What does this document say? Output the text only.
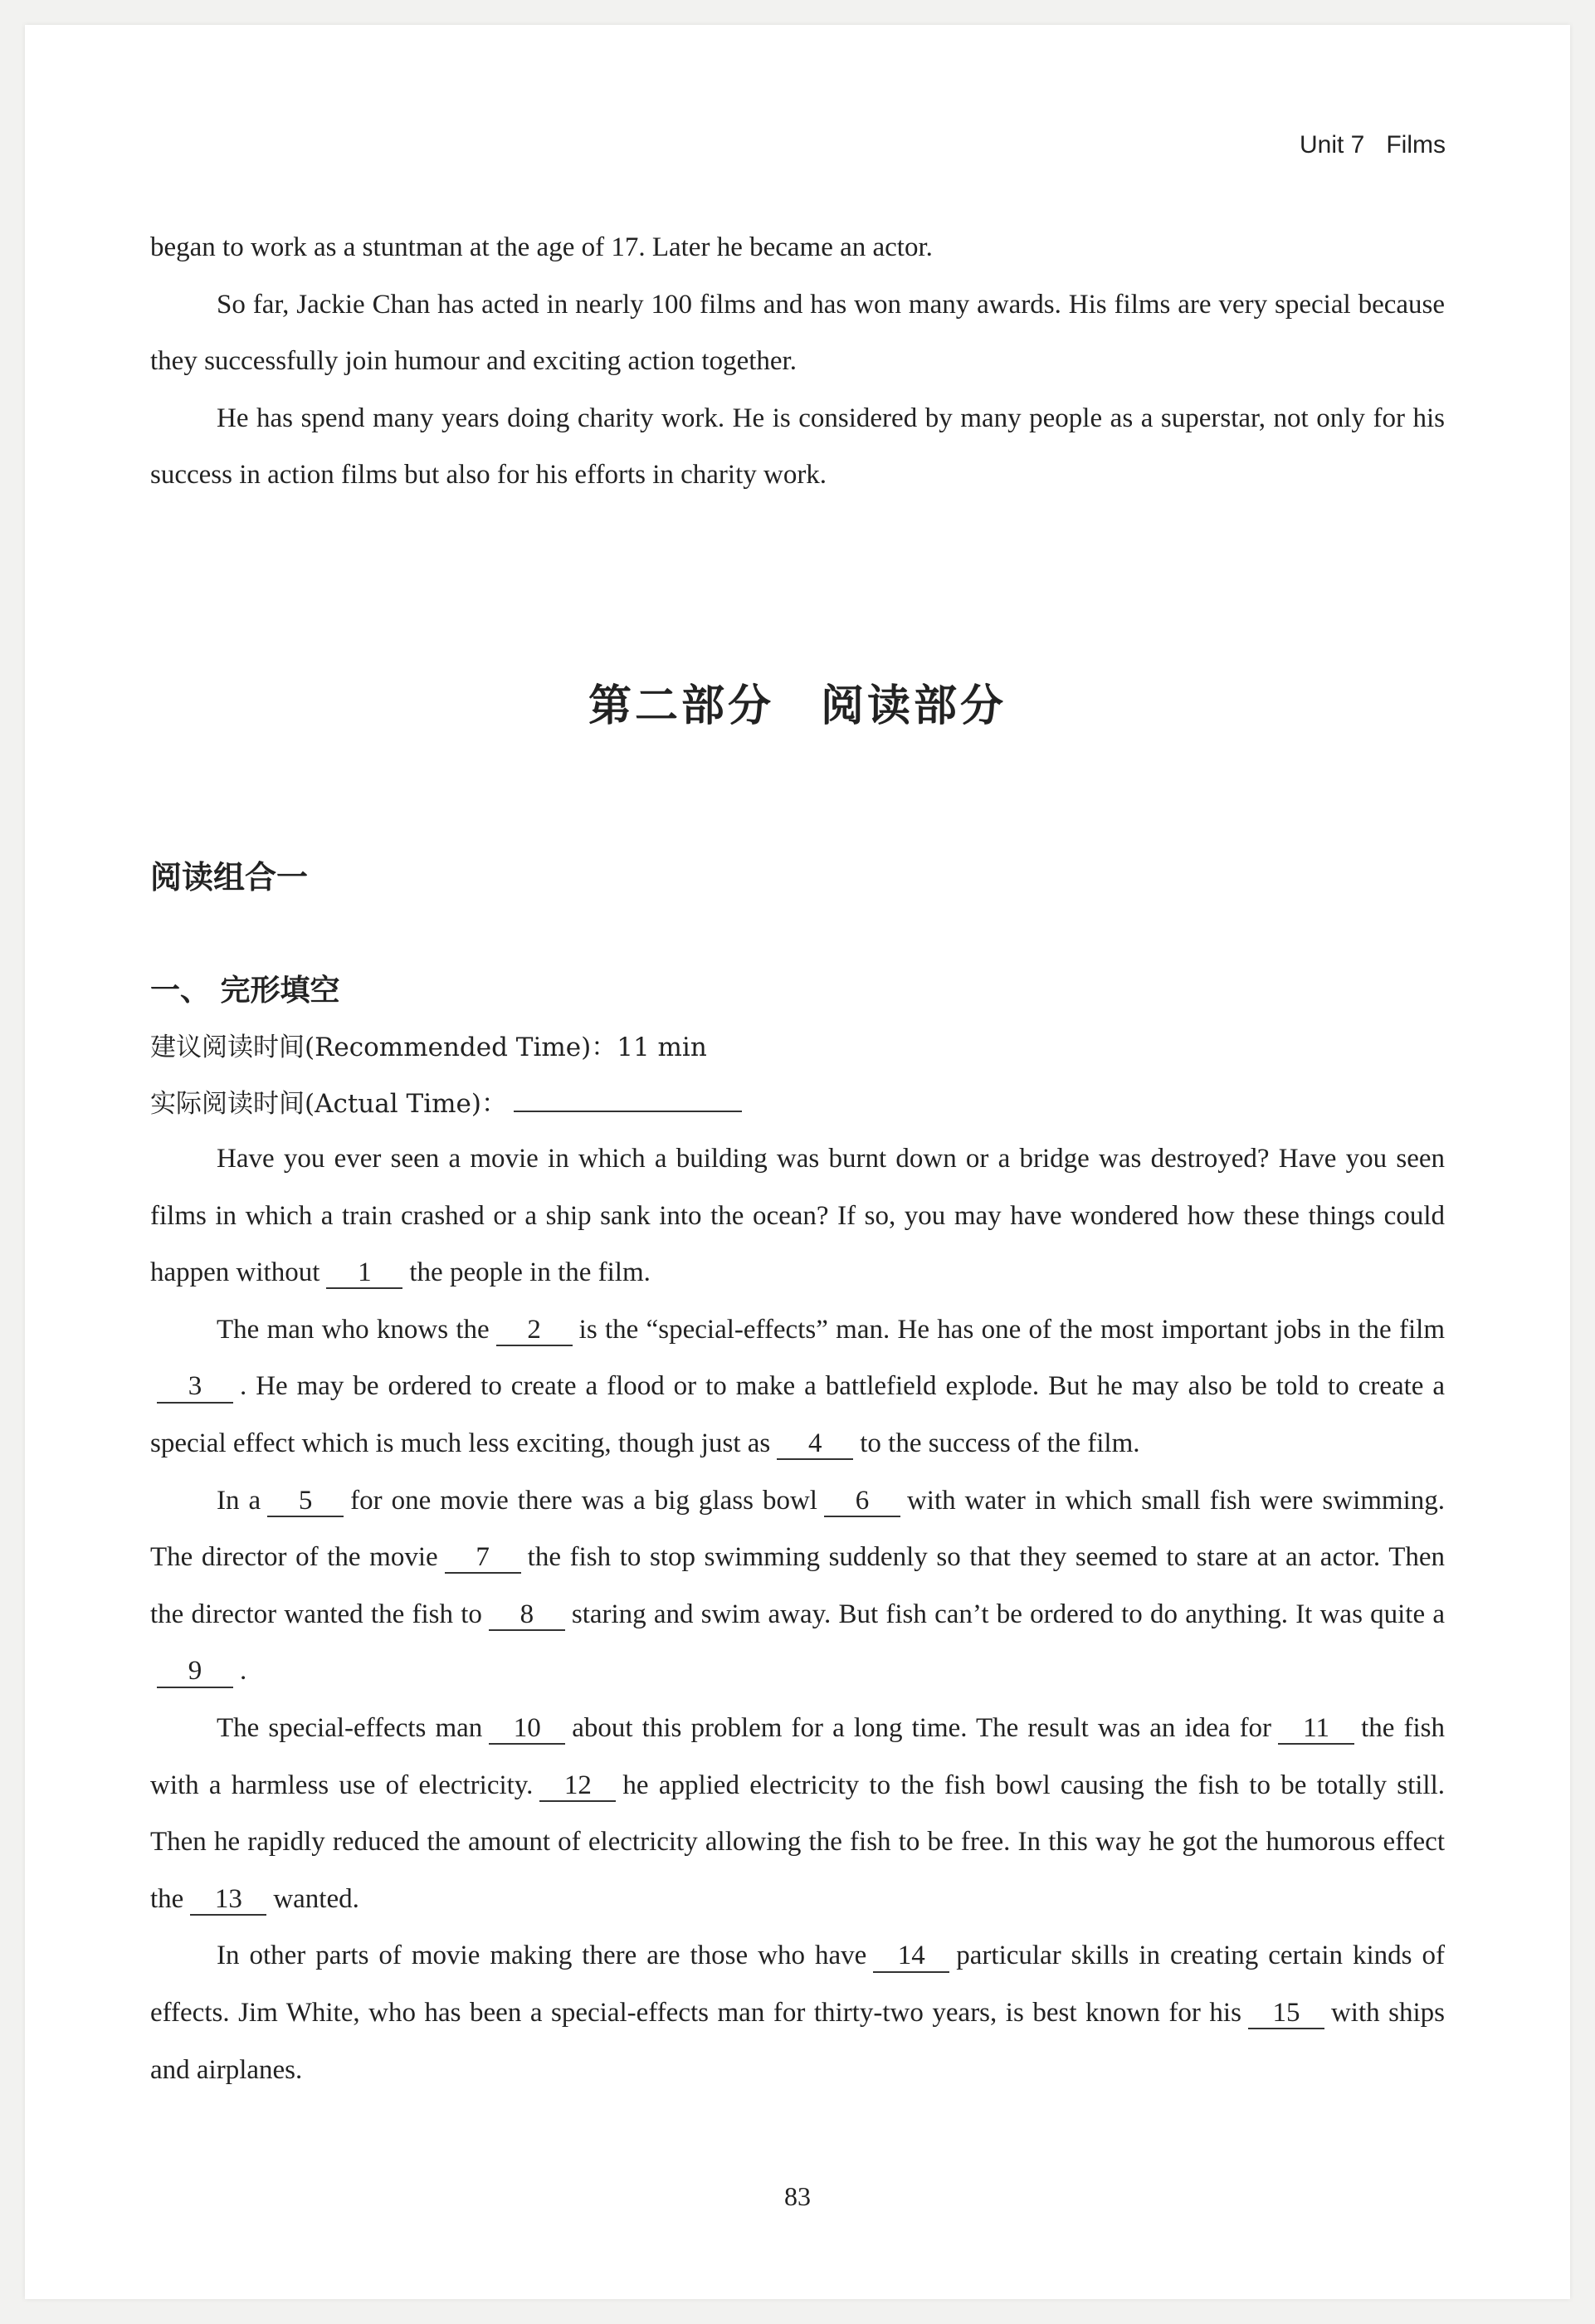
Unit 7 Films

began to work as a stuntman at the age of 17. Later he became an actor.

So far, Jackie Chan has acted in nearly 100 films and has won many awards. His films are very special because they successfully join humour and exciting action together.

He has spend many years doing charity work. He is considered by many people as a superstar, not only for his success in action films but also for his efforts in charity work.

第二部分　阅读部分
阅读组合一
一、 完形填空
建议阅读时间(Recommended Time)：11 min
实际阅读时间(Actual Time)：

Have you ever seen a movie in which a building was burnt down or a bridge was destroyed? Have you seen films in which a train crashed or a ship sank into the ocean? If so, you may have wondered how these things could happen without 1 the people in the film.

The man who knows the 2 is the “special-effects” man. He has one of the most important jobs in the film3 . He may be ordered to create a flood or to make a battlefield explode. But he may also be told to create a special effect which is much less exciting, though just as 4 to the success of the film.

In a 5 for one movie there was a big glass bowl 6 with water in which small fish were swimming. The director of the movie 7 the fish to stop swimming suddenly so that they seemed to stare at an actor. Then the director wanted the fish to 8 staring and swim away. But fish can’t be ordered to do anything. It was quite a9 .

The special-effects man 10 about this problem for a long time. The result was an idea for 11 the fish with a harmless use of electricity. 12 he applied electricity to the fish bowl causing the fish to be totally still. Then he rapidly reduced the amount of electricity allowing the fish to be free. In this way he got the humorous effect the 13 wanted.

In other parts of movie making there are those who have 14 particular skills in creating certain kinds of effects. Jim White, who has been a special-effects man for thirty-two years, is best known for his 15 with ships and airplanes.

83
